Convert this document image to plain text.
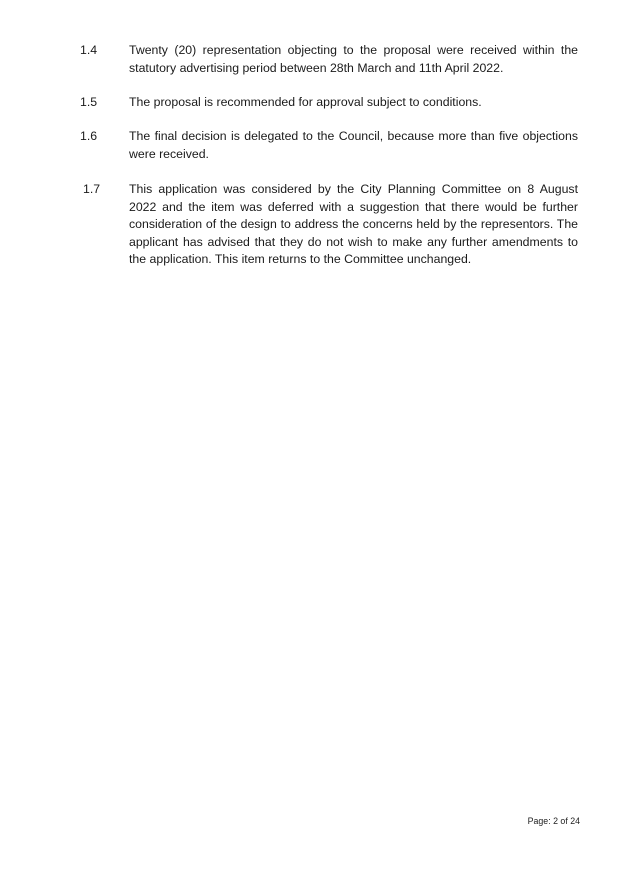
1.4	Twenty (20) representation objecting to the proposal were received within the statutory advertising period between 28th March and 11th April 2022.
1.5	The proposal is recommended for approval subject to conditions.
1.6	The final decision is delegated to the Council, because more than five objections were received.
1.7 This application was considered by the City Planning Committee on 8 August 2022 and the item was deferred with a suggestion that there would be further consideration of the design to address the concerns held by the representors. The applicant has advised that they do not wish to make any further amendments to the application. This item returns to the Committee unchanged.
Page: 2 of 24
